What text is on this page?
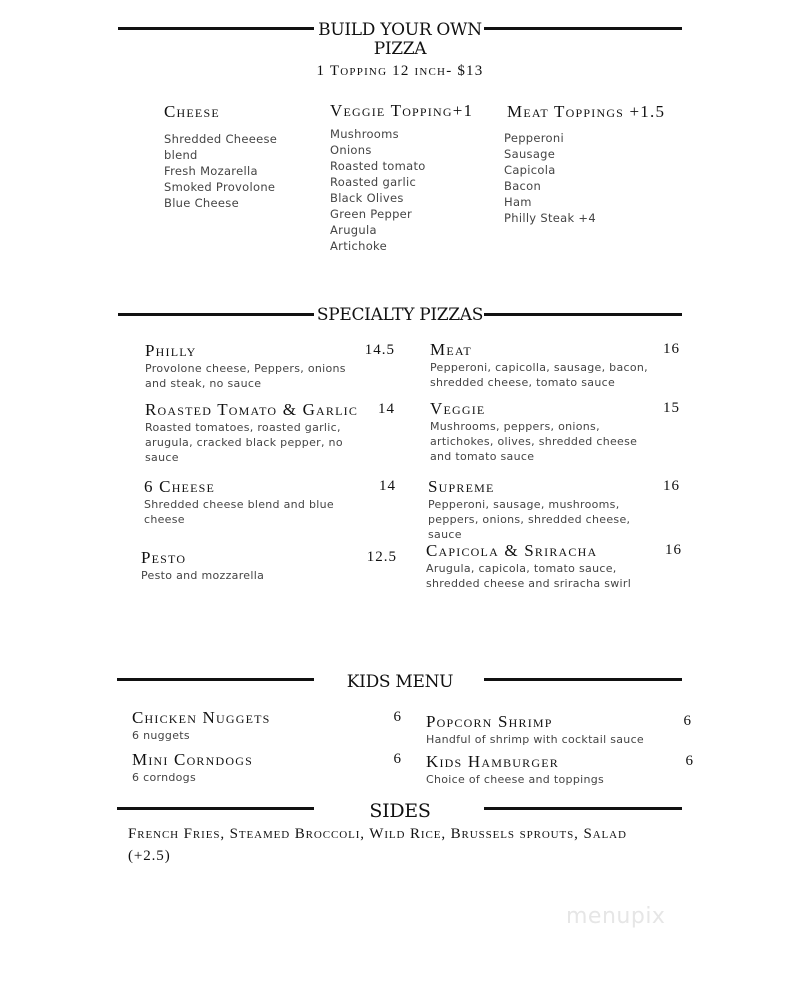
BUILD YOUR OWN
PIZZA
1 Topping 12 inch- $13
Cheese
Shredded Cheeese
blend
Fresh Mozarella
Smoked Provolone
Blue Cheese
Veggie Topping+1
Mushrooms
Onions
Roasted tomato
Roasted garlic
Black Olives
Green Pepper
Arugula
Artichoke
Meat Toppings +1.5
Pepperoni
Sausage
Capicola
Bacon
Ham
Philly Steak +4
SPECIALTY PIZZAS
Philly	14.5
Provolone cheese, Peppers, onions and steak, no sauce
Roasted Tomato & Garlic	14
Roasted tomatoes, roasted garlic, arugula, cracked black pepper, no sauce
6 Cheese	14
Shredded cheese blend and blue cheese
Pesto	12.5
Pesto and mozzarella
Meat	16
Pepperoni, capicolla, sausage, bacon, shredded cheese, tomato sauce
Veggie	15
Mushrooms, peppers, onions, artichokes, olives, shredded cheese and tomato sauce
Supreme	16
Pepperoni, sausage, mushrooms, peppers, onions, shredded cheese, sauce
Capicola & Sriracha	16
Arugula, capicola, tomato sauce, shredded cheese and sriracha swirl
KIDS MENU
Chicken Nuggets	6
6 nuggets
Mini Corndogs	6
6 corndogs
Popcorn Shrimp	6
Handful of shrimp with cocktail sauce
Kids Hamburger	6
Choice of cheese and toppings
SIDES
French Fries, Steamed Broccoli, Wild Rice, Brussels sprouts, Salad
(+2.5)
menupix
